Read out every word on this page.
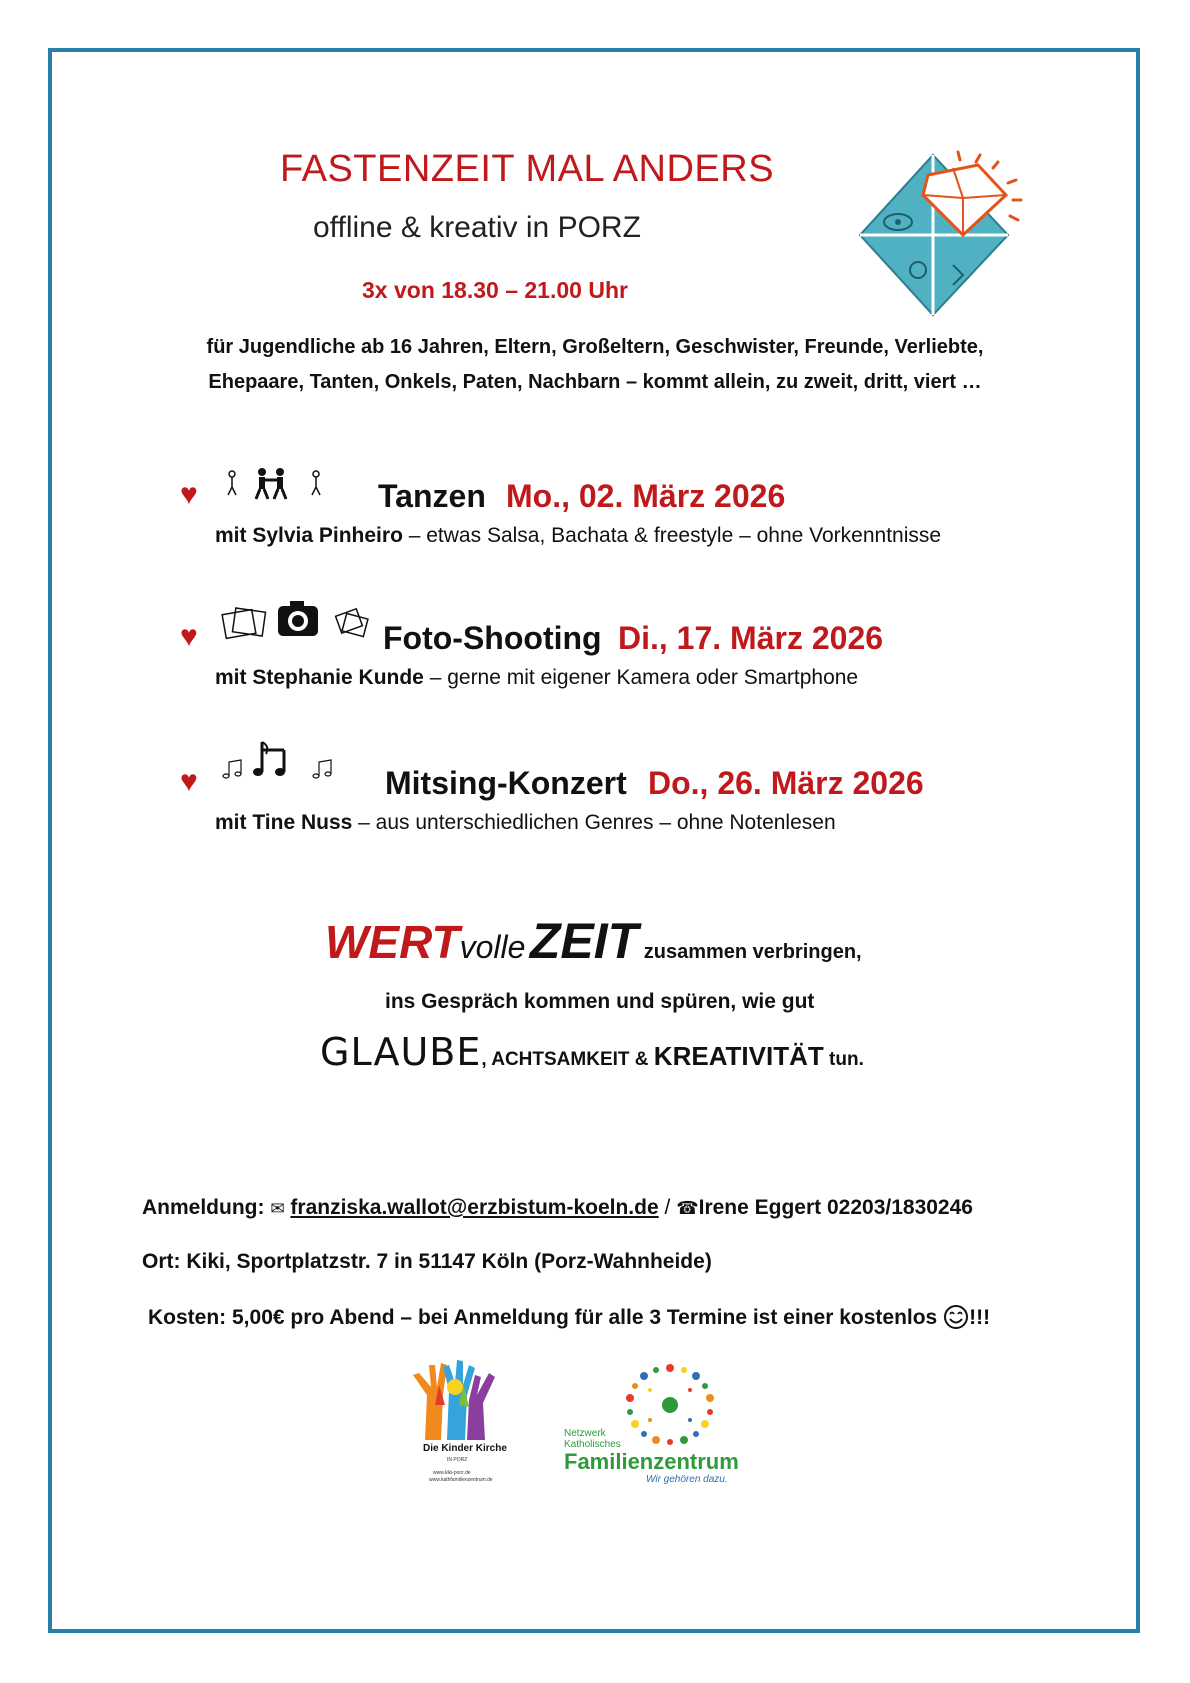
FASTENZEIT MAL ANDERS
offline & kreativ in PORZ
3x von 18.30 – 21.00 Uhr
für Jugendliche ab 16 Jahren, Eltern, Großeltern, Geschwister, Freunde, Verliebte,
Ehepaare, Tanten, Onkels, Paten, Nachbarn – kommt allein, zu zweit, dritt, viert …
♥	Tanzen Mo., 02. März 2026
mit Sylvia Pinheiro – etwas Salsa, Bachata & freestyle – ohne Vorkenntnisse
♥	Foto-Shooting Di., 17. März 2026
mit Stephanie Kunde – gerne mit eigener Kamera oder Smartphone
♥	Mitsing-Konzert Do., 26. März 2026
mit Tine Nuss – aus unterschiedlichen Genres – ohne Notenlesen
WERTvolle ZEIT zusammen verbringen,
ins Gespräch kommen und spüren, wie gut
GLAUBE, ACHTSAMKEIT & KREATIVITÄT tun.
Anmeldung: ✉ franziska.wallot@erzbistum-koeln.de / ☎Irene Eggert 02203/1830246
Ort: Kiki, Sportplatzstr. 7 in 51147 Köln (Porz-Wahnheide)
Kosten: 5,00€ pro Abend – bei Anmeldung für alle 3 Termine ist einer kostenlos !!!
Die Kinder Kirche
IN PORZ
www.kiki-porz.de
www.kathfamilienzentrum.de
Netzwerk
Katholisches
Familienzentrum
Wir gehören dazu.
